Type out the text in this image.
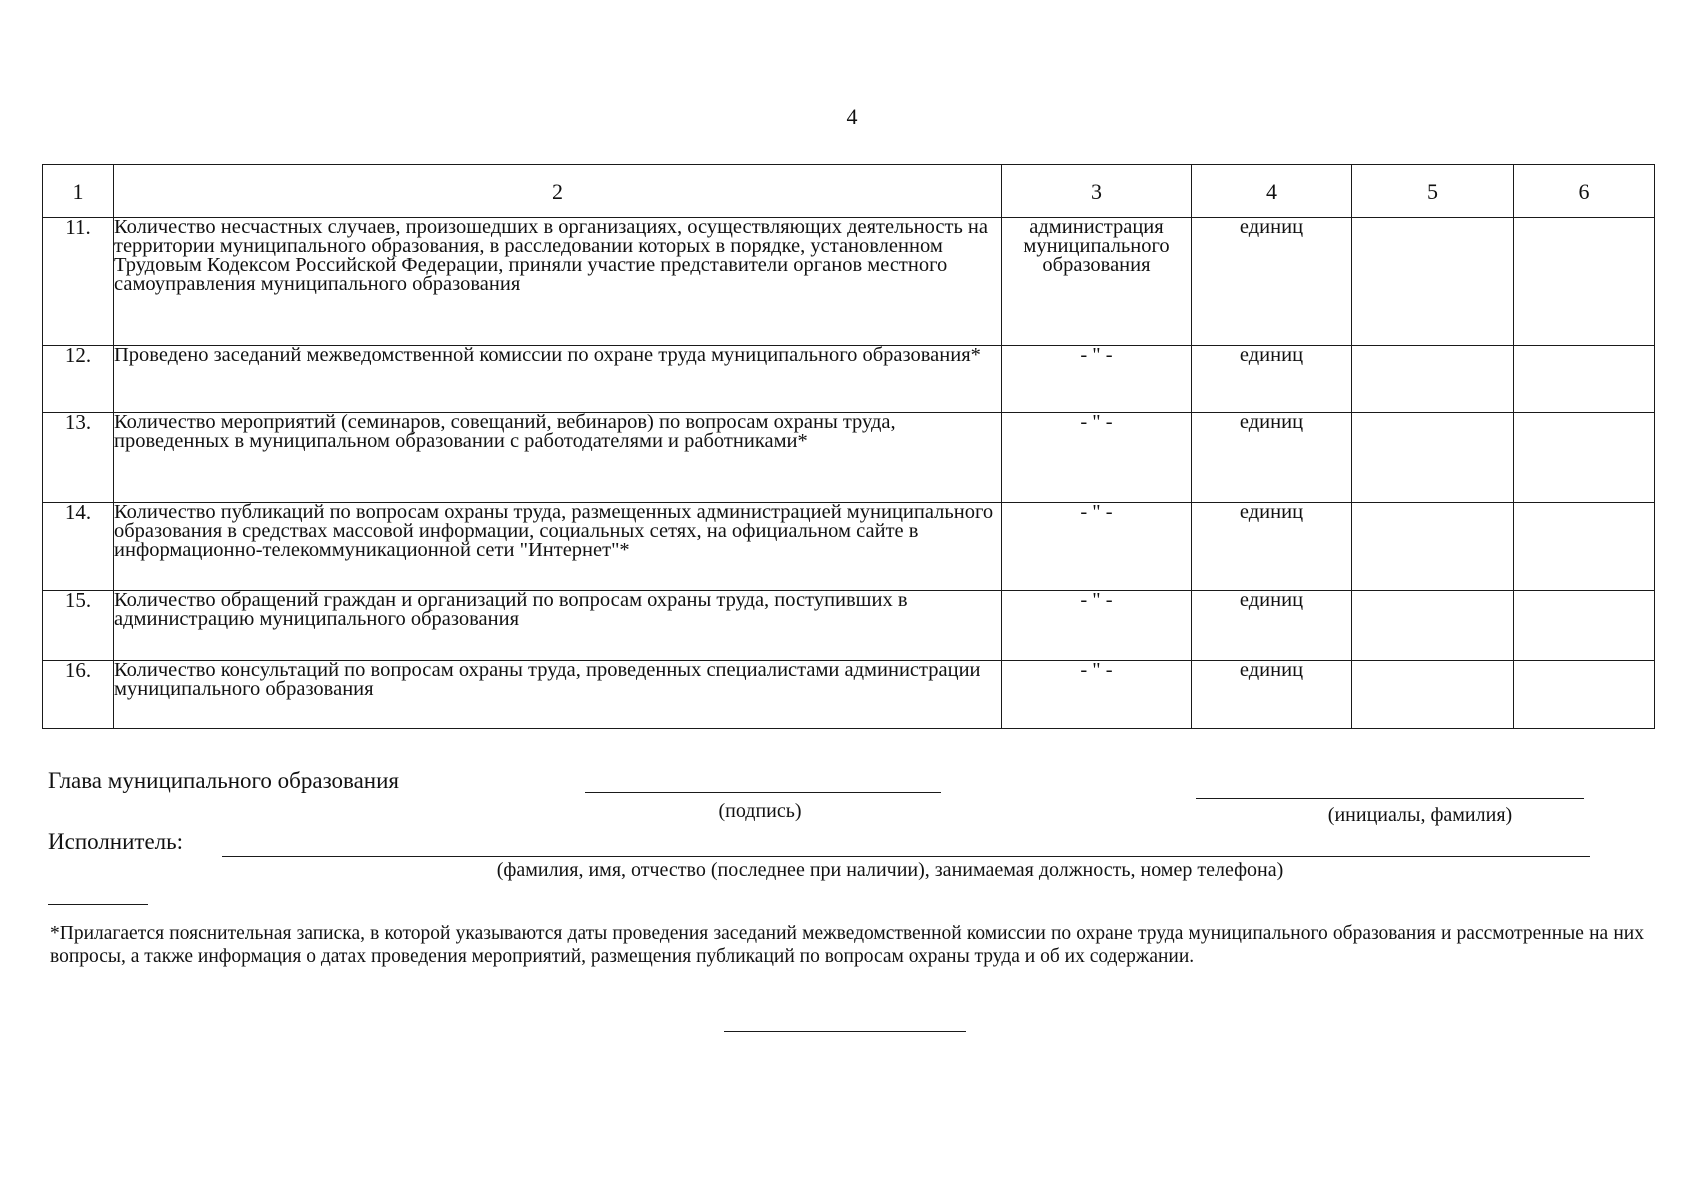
4
1	2	3	4	5	6
11.	Количество несчастных случаев, произошедших в организациях, осуществляющих деятельность на территории муниципального образования, в расследовании которых в порядке, установленном Трудовым Кодексом Российской Федерации, приняли участие представители органов местного самоуправления муниципального образования	администрация муниципального образования	единиц		
12.	Проведено заседаний межведомственной комиссии по охране труда муниципального образования*	- " -	единиц		
13.	Количество мероприятий (семинаров, совещаний, вебинаров) по вопросам охраны труда, проведенных в муниципальном образовании с работодателями и работниками*	- " -	единиц		
14.	Количество публикаций по вопросам охраны труда, размещенных администрацией муниципального образования в средствах массовой информации, социальных сетях, на официальном сайте в информационно-телекоммуникационной сети "Интернет"*	- " -	единиц		
15.	Количество обращений граждан и организаций по вопросам охраны труда, поступивших в администрацию муниципального образования	- " -	единиц		
16.	Количество консультаций по вопросам охраны труда, проведенных специалистами администрации муниципального образования	- " -	единиц		
Глава муниципального образования
(подпись)	(инициалы, фамилия)
Исполнитель:
(фамилия, имя, отчество (последнее при наличии), занимаемая должность, номер телефона)
*Прилагается пояснительная записка, в которой указываются даты проведения заседаний межведомственной комиссии по охране труда муниципального образования и рассмотренные на них вопросы, а также информация о датах проведения мероприятий, размещения публикаций по вопросам охраны труда и об их содержании.
